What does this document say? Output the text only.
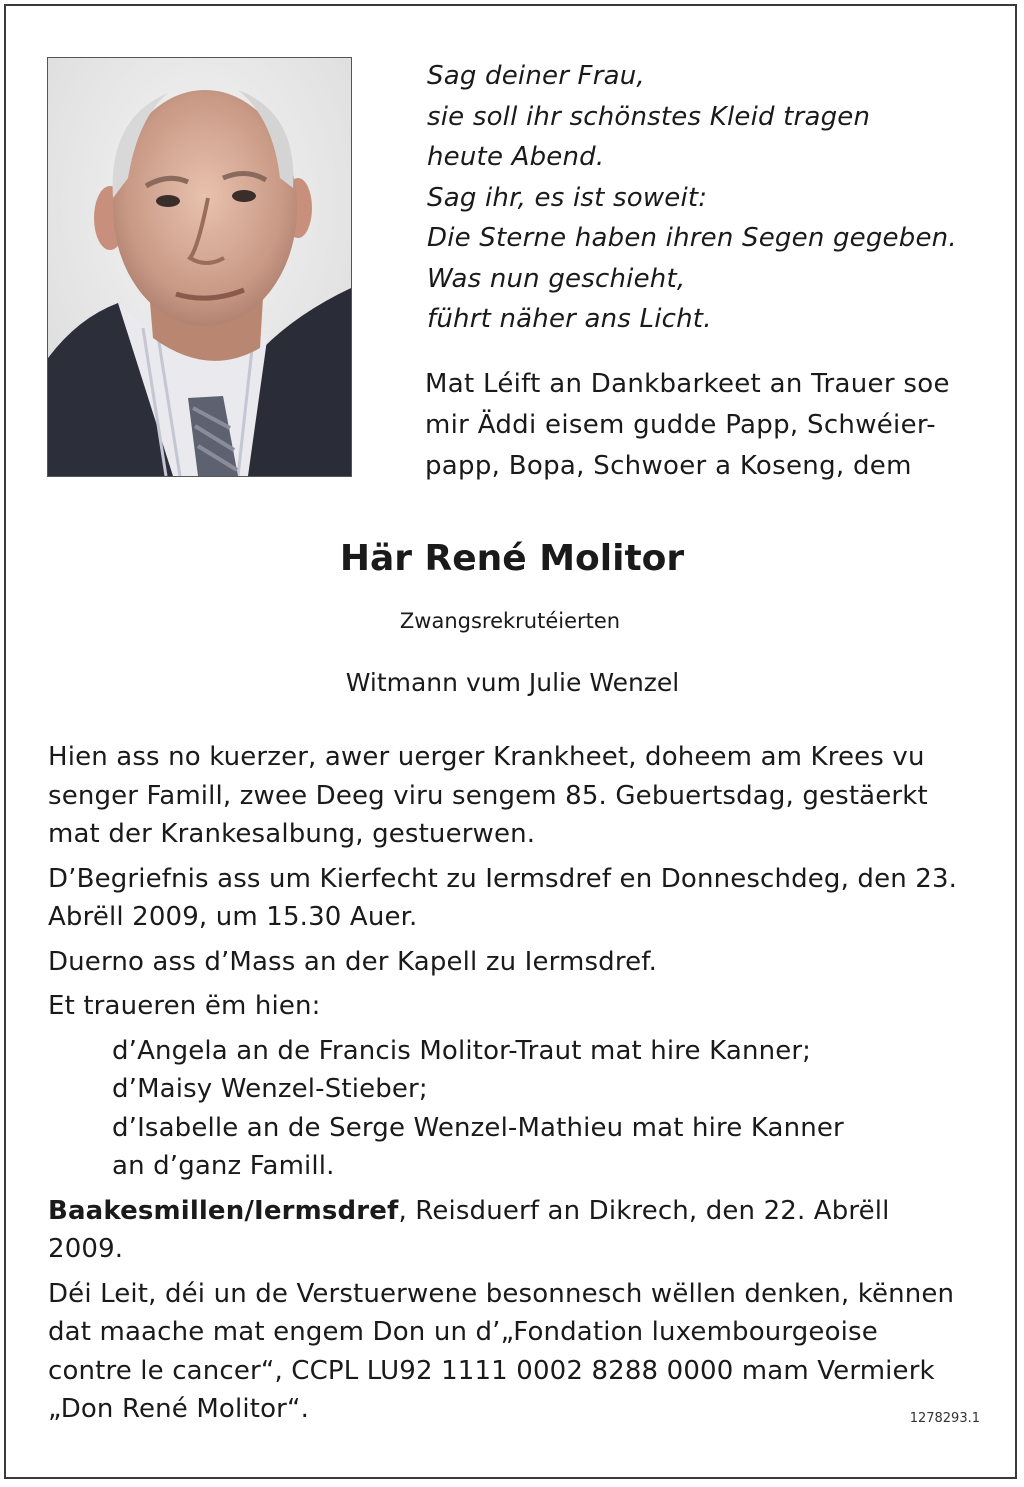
Sag deiner Frau,
sie soll ihr schönstes Kleid tragen
heute Abend.
Sag ihr, es ist soweit:
Die Sterne haben ihren Segen gegeben.
Was nun geschieht,
führt näher ans Licht.
Mat Léift an Dankbarkeet an Trauer soe
mir Äddi eisem gudde Papp, Schwéier-
papp, Bopa, Schwoer a Koseng, dem
Här René Molitor
Zwangsrekrutéierten
Witmann vum Julie Wenzel
Hien ass no kuerzer, awer uerger Krankheet, doheem am Krees vu
senger Famill, zwee Deeg viru sengem 85. Gebuertsdag, gestäerkt
mat der Krankesalbung, gestuerwen.
D’Begriefnis ass um Kierfecht zu Iermsdref en Donneschdeg, den 23.
Abrëll 2009, um 15.30 Auer.
Duerno ass d’Mass an der Kapell zu Iermsdref.
Et traueren ëm hien:
d’Angela an de Francis Molitor-Traut mat hire Kanner;
d’Maisy Wenzel-Stieber;
d’Isabelle an de Serge Wenzel-Mathieu mat hire Kanner
an d’ganz Famill.
Baakesmillen/Iermsdref, Reisduerf an Dikrech, den 22. Abrëll
2009.
Déi Leit, déi un de Verstuerwene besonnesch wëllen denken, kënnen
dat maache mat engem Don un d’„Fondation luxembourgeoise
contre le cancer“, CCPL LU92 1111 0002 8288 0000 mam Vermierk
„Don René Molitor“.	1278293.1
